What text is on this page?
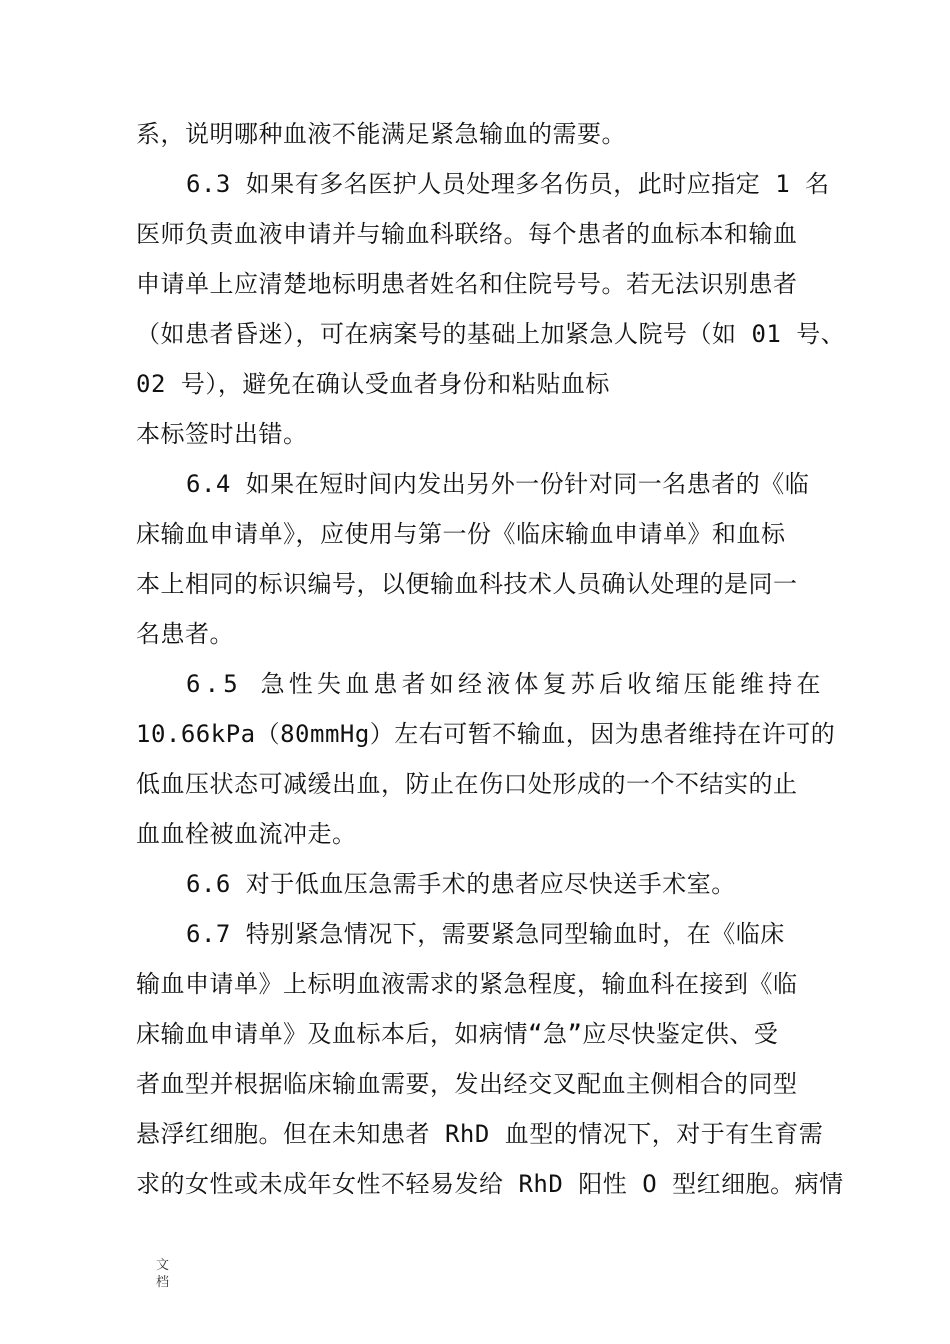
系，说明哪种血液不能满足紧急输血的需要。
6.3 如果有多名医护人员处理多名伤员，此时应指定 1 名
医师负责血液申请并与输血科联络。每个患者的血标本和输血
申请单上应清楚地标明患者姓名和住院号号。若无法识别患者
（如患者昏迷），可在病案号的基础上加紧急人院号（如 01 号、
02 号），避免在确认受血者身份和粘贴血标
本标签时出错。
6.4 如果在短时间内发出另外一份针对同一名患者的《临
床输血申请单》，应使用与第一份《临床输血申请单》和血标
本上相同的标识编号，以便输血科技术人员确认处理的是同一
名患者。
6.5 急性失血患者如经液体复苏后收缩压能维持在
10.66kPa（80mmHg）左右可暂不输血，因为患者维持在许可的
低血压状态可减缓出血，防止在伤口处形成的一个不结实的止
血血栓被血流冲走。
6.6 对于低血压急需手术的患者应尽快送手术室。
6.7 特别紧急情况下，需要紧急同型输血时，在《临床
输血申请单》上标明血液需求的紧急程度，输血科在接到《临
床输血申请单》及血标本后，如病情“急”应尽快鉴定供、受
者血型并根据临床输血需要，发出经交叉配血主侧相合的同型
悬浮红细胞。但在未知患者 RhD 血型的情况下，对于有生育需
求的女性或未成年女性不轻易发给 RhD 阳性 O 型红细胞。病情
文档
